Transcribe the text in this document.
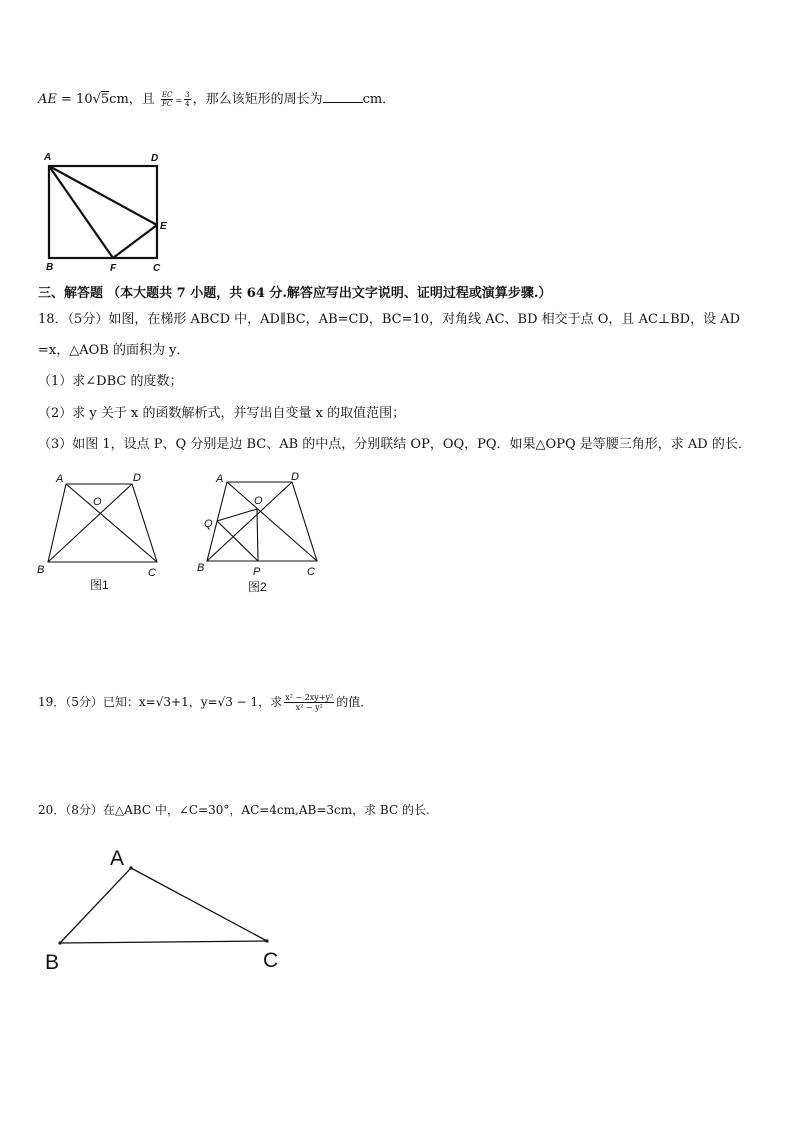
AE = 10√5cm，且 $\frac{EC}{FC} = \frac{3}{4}$ ，那么该矩形的周长为	cm．
A	D
E
B	F	C
A	D
O
B	C
图1
A	D
O
Q
B	P	C
图2
A
B	C
三、解答题 （本大题共 7 小题，共 64 分.解答应写出文字说明、证明过程或演算步骤.）
18．（5分）如图，在梯形 ABCD 中，AD∥BC，AB=CD，BC=10，对角线 AC、BD 相交于点 O，且 AC⊥BD，设 AD
=x，△AOB 的面积为 y．
（1）求∠DBC 的度数；
（2）求 y 关于 x 的函数解析式，并写出自变量 x 的取值范围；
（3）如图 1，设点 P、Q 分别是边 BC、AB 的中点，分别联结 OP，OQ，PQ．如果△OPQ 是等腰三角形，求 AD 的长．
19．（5分）已知：x=√3+1，y=√3 − 1，求 $\frac{\text{x² − 2xy+y²}}{\text{x² − y²}}$ 的值．
20．（8分）在△ABC 中，∠C=30°，AC=4cm,AB=3cm，求 BC 的长.
